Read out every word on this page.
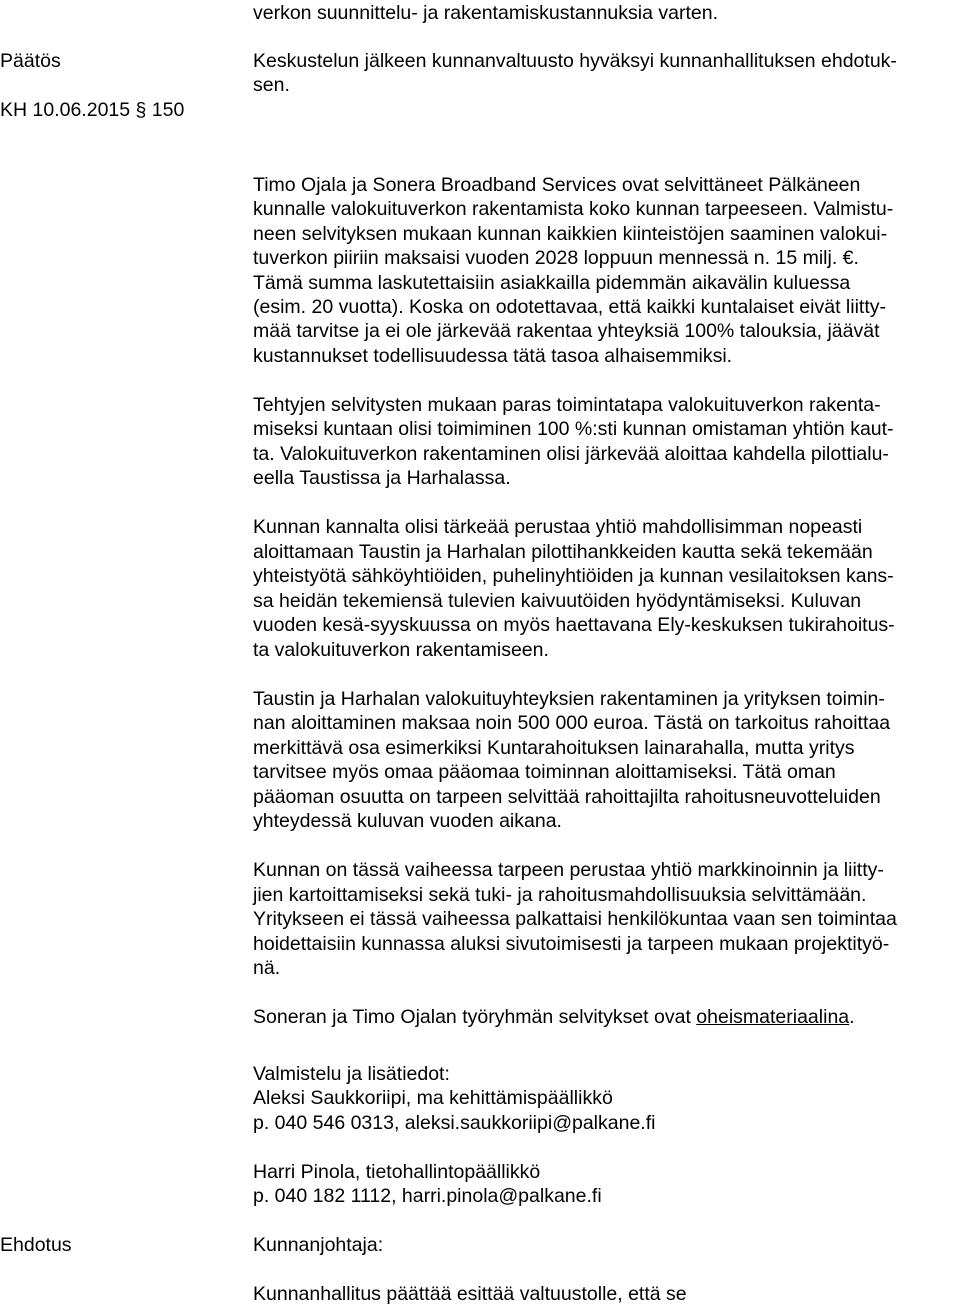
verkon suunnittelu- ja rakentamiskustannuksia varten.

Päätös

KH 10.06.2015 § 150

Keskustelun jälkeen kunnanvaltuusto hyväksyi kunnanhallituksen ehdotuk-

sen.

Timo Ojala ja Sonera Broadband Services ovat selvittäneet Pälkäneen

kunnalle valokuituverkon rakentamista koko kunnan tarpeeseen. Valmistu-

neen selvityksen mukaan kunnan kaikkien kiinteistöjen saaminen valokui-

tuverkon piiriin maksaisi vuoden 2028 loppuun mennessä n. 15 milj. €.

Tämä summa laskutettaisiin asiakkailla pidemmän aikavälin kuluessa

(esim. 20 vuotta). Koska on odotettavaa, että kaikki kuntalaiset eivät liitty-

mää tarvitse ja ei ole järkevää rakentaa yhteyksiä 100% talouksia, jäävät

kustannukset todellisuudessa tätä tasoa alhaisemmiksi.

Tehtyjen selvitysten mukaan paras toimintatapa valokuituverkon rakenta-

miseksi kuntaan olisi toimiminen 100 %:sti kunnan omistaman yhtiön kaut-

ta. Valokuituverkon rakentaminen olisi järkevää aloittaa kahdella pilottialu-

eella Taustissa ja Harhalassa.

Kunnan kannalta olisi tärkeää perustaa yhtiö mahdollisimman nopeasti

aloittamaan Taustin ja Harhalan pilottihankkeiden kautta sekä tekemään

yhteistyötä sähköyhtiöiden, puhelinyhtiöiden ja kunnan vesilaitoksen kans-

sa heidän tekemiensä tulevien kaivuutöiden hyödyntämiseksi. Kuluvan

vuoden kesä-syyskuussa on myös haettavana Ely-keskuksen tukirahoitus-

ta valokuituverkon rakentamiseen.

Taustin ja Harhalan valokuituyhteyksien rakentaminen ja yrityksen toimin-

nan aloittaminen maksaa noin 500 000 euroa. Tästä on tarkoitus rahoittaa

merkittävä osa esimerkiksi Kuntarahoituksen lainarahalla, mutta yritys

tarvitsee myös omaa pääomaa toiminnan aloittamiseksi. Tätä oman

pääoman osuutta on tarpeen selvittää rahoittajilta rahoitusneuvotteluiden

yhteydessä kuluvan vuoden aikana.

Kunnan on tässä vaiheessa tarpeen perustaa yhtiö markkinoinnin ja liitty-

jien kartoittamiseksi sekä tuki- ja rahoitusmahdollisuuksia selvittämään.

Yritykseen ei tässä vaiheessa palkattaisi henkilökuntaa vaan sen toimintaa

hoidettaisiin kunnassa aluksi sivutoimisesti ja tarpeen mukaan projektityö-

nä.

Soneran ja Timo Ojalan työryhmän selvitykset ovat oheismateriaalina.

Valmistelu ja lisätiedot:

Aleksi Saukkoriipi, ma kehittämispäällikkö

p. 040 546 0313, aleksi.saukkoriipi@palkane.fi

Harri Pinola, tietohallintopäällikkö

p. 040 182 1112, harri.pinola@palkane.fi

Ehdotus	Kunnanjohtaja:

Kunnanhallitus päättää esittää valtuustolle, että se
